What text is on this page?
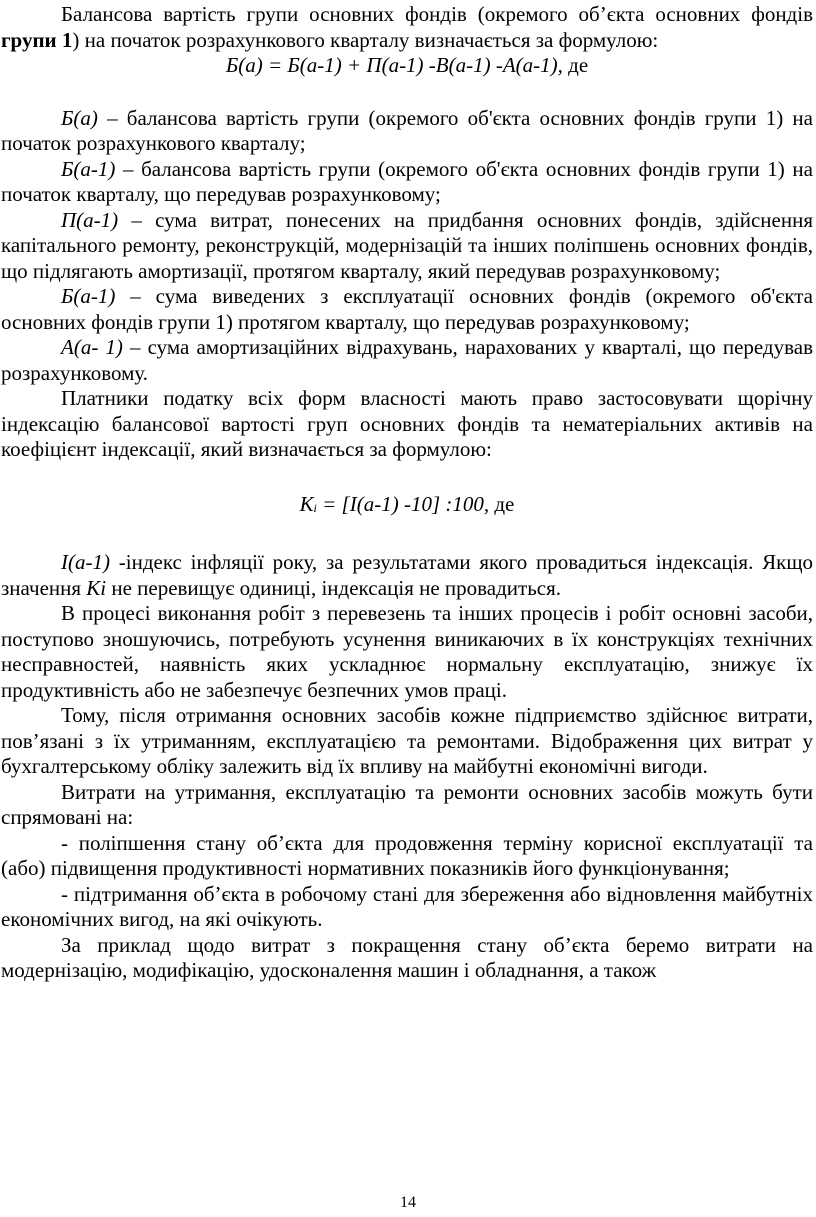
Балансова вартість групи основних фондів (окремого об’єкта основних фондів групи 1) на початок розрахункового кварталу визначається за формулою:

Б(а) = Б(а-1) + П(а-1) -В(а-1) -А(а-1), де

Б(а) – балансова вартість групи (окремого об'єкта основних фондів групи 1) на початок розрахункового кварталу;

Б(а-1) – балансова вартість групи (окремого об'єкта основних фондів групи 1) на початок кварталу, що передував розрахунковому;

П(а-1) – сума витрат, понесених на придбання основних фондів, здійснення капітального ремонту, реконструкцій, модернізацій та інших поліпшень основних фондів, що підлягають амортизації, протягом кварталу, який передував розрахунковому;

Б(а-1) – сума виведених з експлуатації основних фондів (окремого об'єкта основних фондів групи 1) протягом кварталу, що передував розрахунковому;

А(а- 1) – сума амортизаційних відрахувань, нарахованих у кварталі, що передував розрахунковому.

Платники податку всіх форм власності мають право застосовувати щорічну індексацію балансової вартості груп основних фондів та нематеріальних активів на коефіцієнт індексації, який визначається за формулою:

$К_і = [І(а-1)$ -10] :100, де

І(а-1) -індекс інфляції року, за результатами якого провадиться індексація. Якщо значення Кі не перевищує одиниці, індексація не провадиться.

В процесі виконання робіт з перевезень та інших процесів і робіт основні засоби, поступово зношуючись, потребують усунення виникаючих в їх конструкціях технічних несправностей, наявність яких ускладнює нормальну експлуатацію, знижує їх продуктивність або не забезпечує безпечних умов праці.

Тому, після отримання основних засобів кожне підприємство здійснює витрати, пов’язані з їх утриманням, експлуатацією та ремонтами. Відображення цих витрат у бухгалтерському обліку залежить від їх впливу на майбутні економічні вигоди.

Витрати на утримання, експлуатацію та ремонти основних засобів можуть бути спрямовані на:

- поліпшення стану об’єкта для продовження терміну корисної експлуатації та (або) підвищення продуктивності нормативних показників його функціонування;

- підтримання об’єкта в робочому стані для збереження або відновлення майбутніх економічних вигод, на які очікують.

За приклад щодо витрат з покращення стану об’єкта беремо витрати на модернізацію, модифікацію, удосконалення машин і обладнання, а також

14
